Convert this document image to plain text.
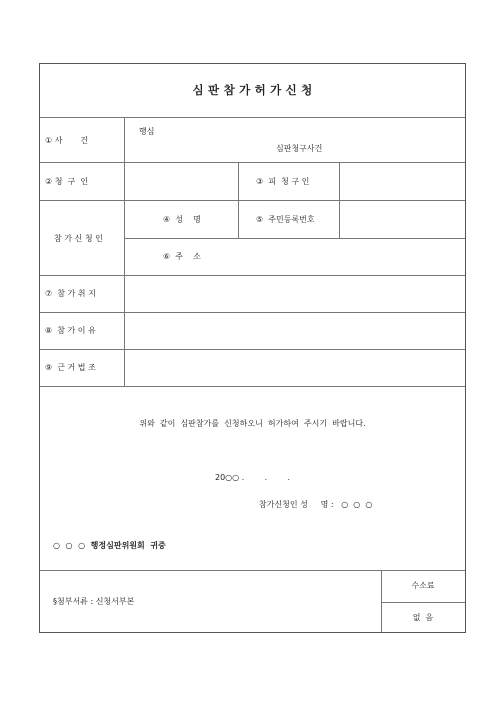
심 판 참 가 허 가 신 청
① 사       건
행심
심판청구사건
② 청  구  인	③  피  청 구 인
참 가 신 청 인
④  성    명	⑤  주민등록번호
⑥  주    소
⑦  참 가 취 지
⑧  참 가 이 유
⑨  근 거 법 조
위와  같이  심판참가를  신청하오니  허가하여  주시기  바랍니다.
20○○ .        .        .
참가신청인 성     명 :   ○  ○  ○
○  ○  ○  행정심판위원회  귀중
§첨부서류 : 신청서부본
수소료
없  음
